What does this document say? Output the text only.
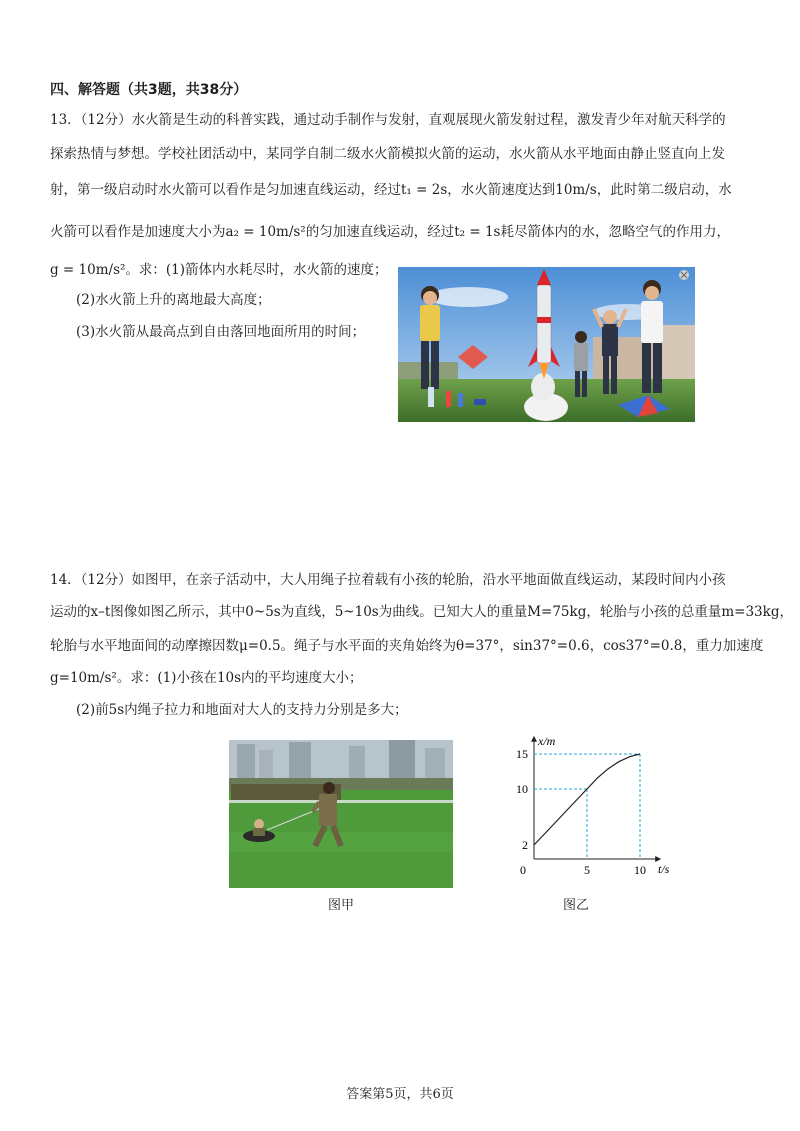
四、解答题（共3题，共38分）
13．（12分）水火箭是生动的科普实践，通过动手制作与发射，直观展现火箭发射过程，激发青少年对航天科学的
探索热情与梦想。学校社团活动中，某同学自制二级水火箭模拟火箭的运动，水火箭从水平地面由静止竖直向上发
射，第一级启动时水火箭可以看作是匀加速直线运动，经过t₁ = 2s，水火箭速度达到10m/s，此时第二级启动，水
火箭可以看作是加速度大小为a₂ = 10m/s²的匀加速直线运动，经过t₂ = 1s耗尽箭体内的水，忽略空气的作用力，
g = 10m/s²。求：(1)箭体内水耗尽时，水火箭的速度；
(2)水火箭上升的离地最大高度；
(3)水火箭从最高点到自由落回地面所用的时间；
14．（12分）如图甲，在亲子活动中，大人用绳子拉着载有小孩的轮胎，沿水平地面做直线运动，某段时间内小孩
运动的x–t图像如图乙所示，其中0~5s为直线，5~10s为曲线。已知大人的重量M=75kg，轮胎与小孩的总重量m=33kg，
轮胎与水平地面间的动摩擦因数μ=0.5。绳子与水平面的夹角始终为θ=37°，sin37°=0.6，cos37°=0.8，重力加速度
g=10m/s²。求：(1)小孩在10s内的平均速度大小；
(2)前5s内绳子拉力和地面对大人的支持力分别是多大；
图甲
0	5	10
2
10
15
x/m
t/s
图乙
答案第5页，共6页
